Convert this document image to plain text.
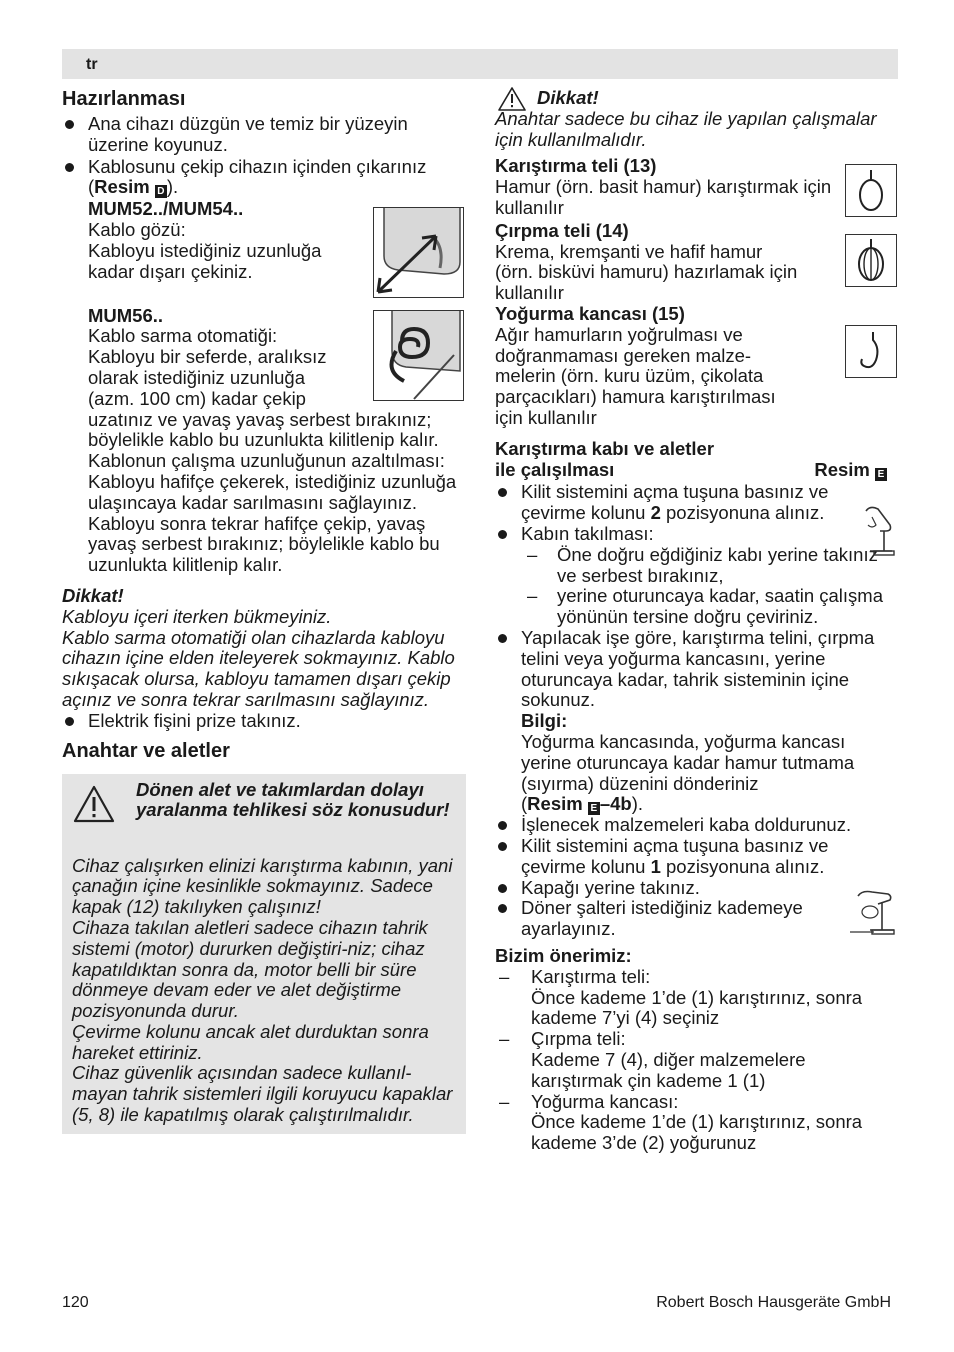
tr
Hazırlanması

Ana cihazı düzgün ve temiz bir yüzeyin üzerine koyunuz.

Kablosunu çekip cihazın içinden çıkarınız (Resim D ).

MUM52../MUM54..

Kablo gözü:

Kabloyu istediğiniz uzunluğa kadar dışarı çekiniz.

MUM56..

Kablo sarma otomatiği:

Kabloyu bir seferde, aralıksız olarak istediğiniz uzunluğa (azm. 100 cm) kadar çekip

uzatınız ve yavaş yavaş serbest bırakınız; böylelikle kablo bu uzunlukta kilitlenip kalır.

Kablonun çalışma uzunluğunun azaltılması:

Kabloyu hafifçe çekerek, istediğiniz uzunluğa ulaşıncaya kadar sarılmasını sağlayınız. Kabloyu sonra tekrar hafifçe çekip, yavaş yavaş serbest bırakınız; böylelikle kablo bu uzunlukta kilitlenip kalır.

Dikkat!

Kabloyu içeri iterken bükmeyiniz.

Kablo sarma otomatiği olan cihazlarda kabloyu cihazın içine elden iteleyerek sokmayınız. Kablo sıkışacak olursa, kabloyu tamamen dışarı çekip açınız ve sonra tekrar sarılmasını sağlayınız.

Elektrik fişini prize takınız.

Anahtar ve aletler

Dönen alet ve takımlardan dolayı yaralanma tehlikesi söz konusudur!

Cihaz çalışırken elinizi karıştırma kabının, yani çanağın içine kesinlikle sokmayınız. Sadece kapak (12) takılıyken çalışınız!

Cihaza takılan aletleri sadece cihazın tahrik sistemi (motor) dururken değiştiri-niz; cihaz kapatıldıktan sonra da, motor belli bir süre dönmeye devam eder ve alet değiştirme pozisyonunda durur.

Çevirme kolunu ancak alet durduktan sonra hareket ettiriniz.

Cihaz güvenlik açısından sadece kullanıl-mayan tahrik sistemleri ilgili koruyucu kapaklar (5, 8) ile kapatılmış olarak çalıştırılmalıdır.

Dikkat!

Anahtar sadece bu cihaz ile yapılan çalışmalar için kullanılmalıdır.

Karıştırma teli (13)

Hamur (örn. basit hamur) karıştırmak için kullanılır

Çırpma teli (14)

Krema, kremşanti ve hafif hamur (örn. bisküvi hamuru) hazırlamak için kullanılır

Yoğurma kancası (15)

Ağır hamurların yoğrulması ve doğranmaması gereken malze-melerin (örn. kuru üzüm, çikolata parçacıkları) hamura karıştırılması için kullanılır

Karıştırma kabı ve aletler

ile çalışılması	Resim E

Kilit sistemini açma tuşuna basınız ve çevirme kolunu 2 pozisyonuna alınız.

Kabın takılması:

– Öne doğru eğdiğiniz kabı yerine takınız ve serbest bırakınız,

– yerine oturuncaya kadar, saatin çalışma yönünün tersine doğru çeviriniz.

Yapılacak işe göre, karıştırma telini, çırpma telini veya yoğurma kancasını, yerine oturuncaya kadar, tahrik sisteminin içine sokunuz.

Bilgi:

Yoğurma kancasında, yoğurma kancası yerine oturuncaya kadar hamur tutmama (sıyırma) düzenini dönderiniz

(Resim E –4b).

İşlenecek malzemeleri kaba doldurunuz.

Kilit sistemini açma tuşuna basınız ve çevirme kolunu 1 pozisyonuna alınız.

Kapağı yerine takınız.

Döner şalteri istediğiniz kademeye ayarlayınız.

Bizim önerimiz:

– Karıştırma teli:

Önce kademe 1’de (1) karıştırınız, sonra kademe 7’yi (4) seçiniz

– Çırpma teli:

Kademe 7 (4), diğer malzemelere karıştırmak çin kademe 1 (1)

– Yoğurma kancası:

Önce kademe 1’de (1) karıştırınız, sonra kademe 3’de (2) yoğurunuz

120	Robert Bosch Hausgeräte GmbH
